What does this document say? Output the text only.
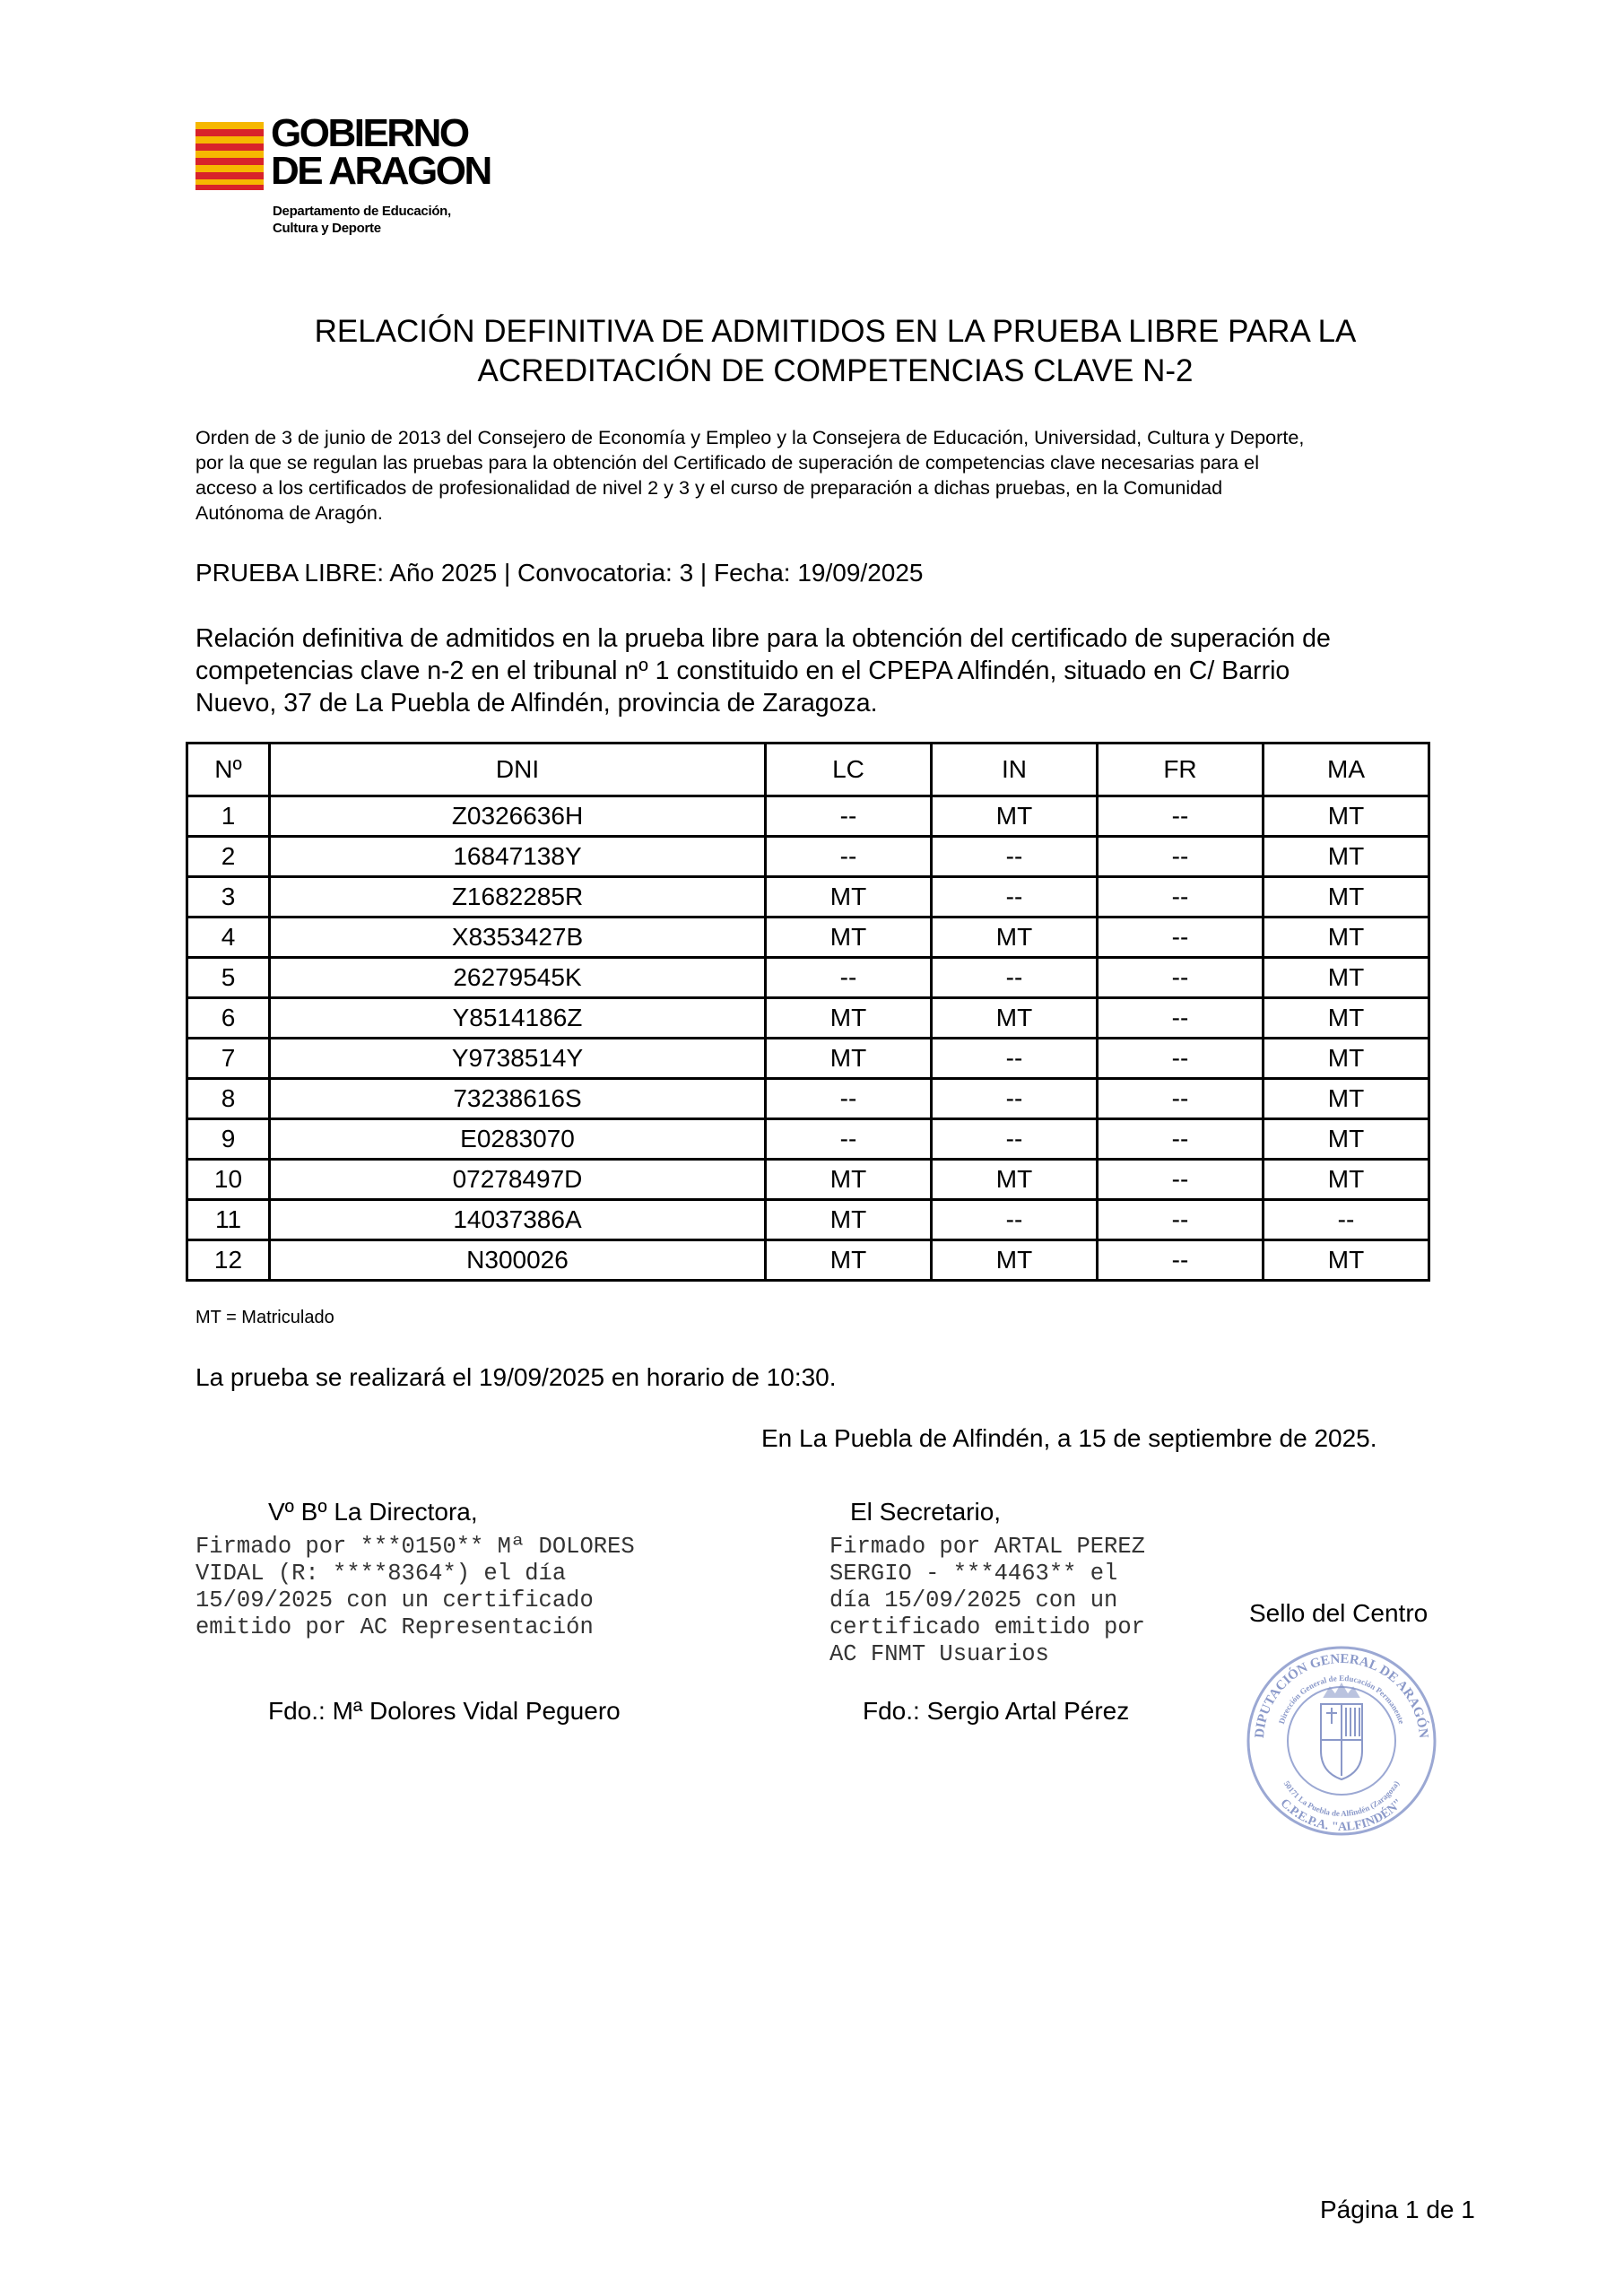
GOBIERNO
DE ARAGON
Departamento de Educación,
Cultura y Deporte
RELACIÓN DEFINITIVA DE ADMITIDOS EN LA PRUEBA LIBRE PARA LA
ACREDITACIÓN DE COMPETENCIAS CLAVE N-2
Orden de 3 de junio de 2013 del Consejero de Economía y Empleo y la Consejera de Educación, Universidad, Cultura y Deporte,
por la que se regulan las pruebas para la obtención del Certificado de superación de competencias clave necesarias para el
acceso a los certificados de profesionalidad de nivel 2 y 3 y el curso de preparación a dichas pruebas, en la Comunidad
Autónoma de Aragón.
PRUEBA LIBRE: Año 2025 | Convocatoria: 3 | Fecha: 19/09/2025
Relación definitiva de admitidos en la prueba libre para la obtención del certificado de superación de
competencias clave n-2 en el tribunal nº 1 constituido en el CPEPA Alfindén, situado en C/ Barrio
Nuevo, 37 de La Puebla de Alfindén, provincia de Zaragoza.
Nº	DNI	LC	IN	FR	MA
1	Z0326636H	--	MT	--	MT
2	16847138Y	--	--	--	MT
3	Z1682285R	MT	--	--	MT
4	X8353427B	MT	MT	--	MT
5	26279545K	--	--	--	MT
6	Y8514186Z	MT	MT	--	MT
7	Y9738514Y	MT	--	--	MT
8	73238616S	--	--	--	MT
9	E0283070	--	--	--	MT
10	07278497D	MT	MT	--	MT
11	14037386A	MT	--	--	--
12	N300026	MT	MT	--	MT
MT = Matriculado
La prueba se realizará el 19/09/2025 en horario de 10:30.
En La Puebla de Alfindén, a 15 de septiembre de 2025.
Vº Bº La Directora,
Firmado por ***0150** Mª DOLORES
VIDAL (R: ****8364*) el día
15/09/2025 con un certificado
emitido por AC Representación
Fdo.: Mª Dolores Vidal Peguero
El Secretario,
Firmado por ARTAL PEREZ
SERGIO - ***4463** el
día 15/09/2025 con un
certificado emitido por
AC FNMT Usuarios
Fdo.: Sergio Artal Pérez
Sello del Centro
DIPUTACIÓN GENERAL DE ARAGÓN
Dirección General de Educación Permanente
C.P.E.P.A. "ALFINDÉN"
50171 La Puebla de Alfindén (Zaragoza)
Página 1 de 1
